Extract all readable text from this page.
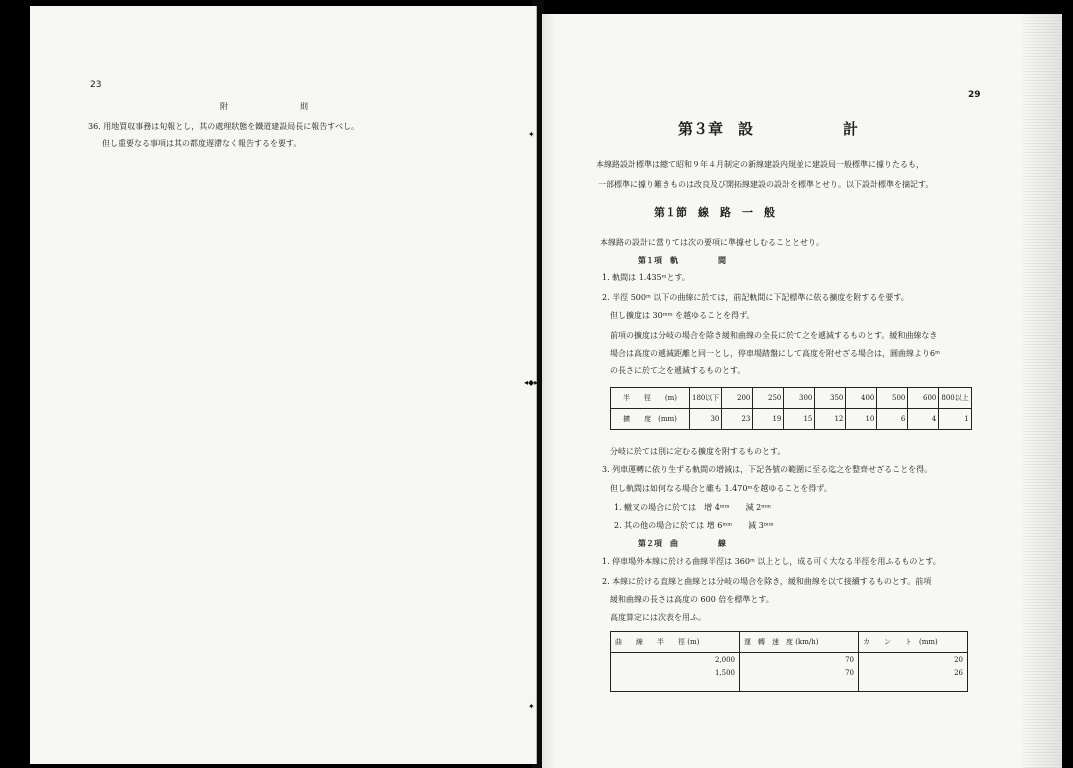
23
附　　　　　　　　　則
36. 用地買収事務は旬報とし，其の處理狀態を鐵道建設局長に報告すべし。
但し重要なる事項は其の都度遅滯なく報告するを要す。
29
第３章　設　　　　　　計
本線路設計標準は總て昭和９年４月制定の新線建設内規並に建設局一般標準に據りたるも，
一部標準に據り難きものは改良及び開拓線建設の設計を標準とせり。以下設計標準を摘記す。
第１節　線　路　一　般
本線路の設計に當りては次の要項に準據せしむることとせり。
第１項　軌　　　　　間
1. 軌間は 1.435ᵐとす。
2. 半徑 500ᵐ 以下の曲線に於ては，前記軌間に下記標準に依る擴度を附するを要す。
但し擴度は 30ᵐᵐ を越ゆることを得ず。
前項の擴度は分岐の場合を除き緩和曲線の全長に於て之を遞減するものとす。緩和曲線なき
場合は高度の遞減距離と同一とし，停車場踏盤にして高度を附せざる場合は，圓曲線より6ᵐ
の長さに於て之を遞減するものとす。
半　　徑　　(m)	180以下	200	250	300	350	400	500	600	800以上
擴　　度　(mm)	30	23	19	15	12	10	6	4	1
分岐に於ては別に定むる擴度を附するものとす。
3. 列車運轉に依り生ずる軌間の增減は，下記各號の範圍に至る迄之を整齊せざることを得。
但し軌間は如何なる場合と雖も 1.470ᵐを越ゆることを得ず。
1. 轍叉の場合に於ては　增 4ᵐᵐ　　減 2ᵐᵐ
2. 其の他の場合に於ては 增 6ᵐᵐ　　減 3ᵐᵐ
第２項　曲　　　　　線
1. 停車場外本線に於ける曲線半徑は 360ᵐ 以上とし，成る可く大なる半徑を用ふるものとす。
2. 本線に於ける直線と曲線とは分岐の場合を除き，緩和曲線を以て接續するものとす。前項
緩和曲線の長さは高度の 600 倍を標準とす。
高度算定には次表を用ふ。
曲　　線　　半　　徑 (m)	運　轉　速　度 (km/h)	カ　　ン　　ト　(mm)
2,000	70	20
1,500	70	26

✦
◂◆▸
✦
